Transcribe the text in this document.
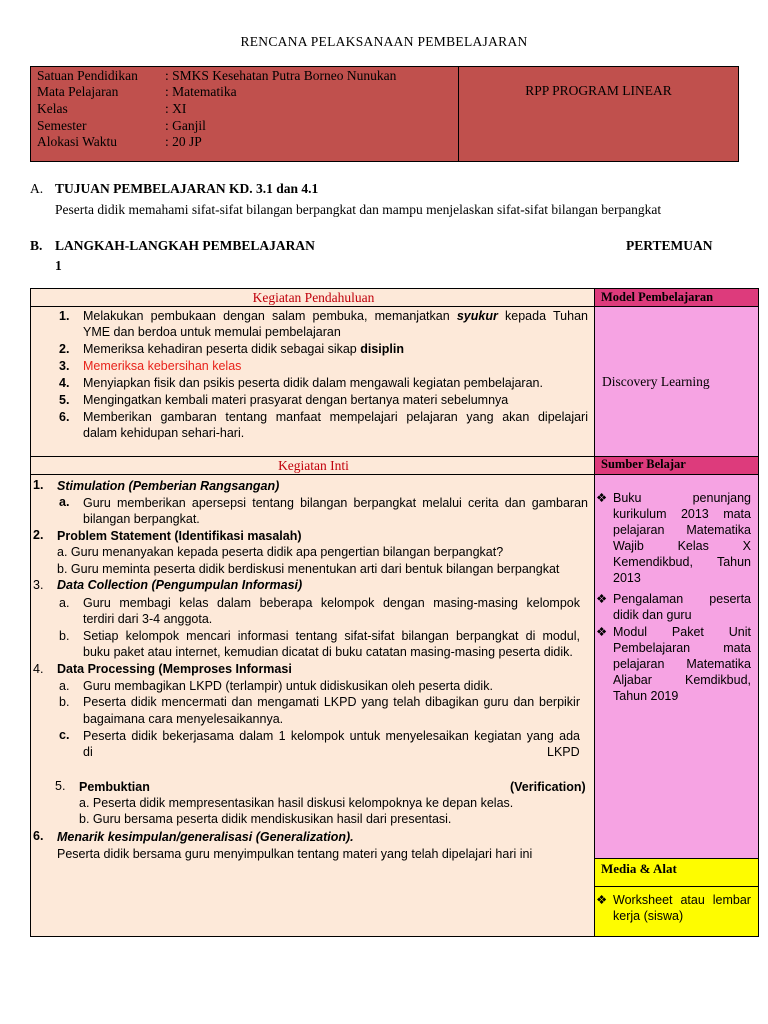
RENCANA PELAKSANAAN PEMBELAJARAN
Satuan Pendidikan : SMKS Kesehatan Putra Borneo Nunukan
Mata Pelajaran	: Matematika
Kelas	: XI
Semester	: Ganjil
Alokasi Waktu	: 20 JP
RPP PROGRAM LINEAR
A. TUJUAN PEMBELAJARAN KD. 3.1 dan 4.1
Peserta didik memahami sifat-sifat bilangan berpangkat dan mampu menjelaskan sifat-sifat bilangan berpangkat
B. LANGKAH-LANGKAH PEMBELAJARAN	PERTEMUAN
1
Kegiatan Pendahuluan	Model Pembelajaran
1. Melakukan pembukaan dengan salam pembuka, memanjatkan syukur kepada Tuhan
YME dan berdoa untuk memulai pembelajaran
2. Memeriksa kehadiran peserta didik sebagai sikap disiplin
3. Memeriksa kebersihan kelas
4. Menyiapkan fisik dan psikis peserta didik dalam mengawali kegiatan pembelajaran.
5. Mengingatkan kembali materi prasyarat dengan bertanya materi sebelumnya
6. Memberikan gambaran tentang manfaat mempelajari pelajaran yang akan dipelajari
dalam kehidupan sehari-hari.
Discovery Learning
Kegiatan Inti	Sumber Belajar
1. Stimulation (Pemberian Rangsangan)
a. Guru memberikan apersepsi tentang bilangan berpangkat melalui cerita dan gambaran
bilangan berpangkat.
2. Problem Statement (Identifikasi masalah)
a. Guru menanyakan kepada peserta didik apa pengertian bilangan berpangkat?
b. Guru meminta peserta didik berdiskusi menentukan arti dari bentuk bilangan berpangkat
3. Data Collection (Pengumpulan Informasi)
a. Guru membagi kelas dalam beberapa kelompok dengan masing-masing kelompok
terdiri dari 3-4 anggota.
b. Setiap kelompok mencari informasi tentang sifat-sifat bilangan berpangkat di modul,
buku paket atau internet, kemudian dicatat di buku catatan masing-masing peserta didik.
4. Data Processing (Memproses Informasi
a. Guru membagikan LKPD (terlampir) untuk didiskusikan oleh peserta didik.
b. Peserta didik mencermati dan mengamati LKPD yang telah dibagikan guru dan berpikir
bagaimana cara menyelesaikannya.
c. Peserta didik bekerjasama dalam 1 kelompok untuk menyelesaikan kegiatan yang ada
di	LKPD
5. Pembuktian	(Verification)
a. Peserta didik mempresentasikan hasil diskusi kelompoknya ke depan kelas.
b. Guru bersama peserta didik mendiskusikan hasil dari presentasi.
6. Menarik kesimpulan/generalisasi (Generalization).
Peserta didik bersama guru menyimpulkan tentang materi yang telah dipelajari hari ini
❖ Buku	penunjang
kurikulum 2013 mata
pelajaran Matematika
Wajib	Kelas	X
Kemendikbud, Tahun
2013
❖ Pengalaman peserta
didik dan guru
❖ Modul Paket Unit
Pembelajaran	mata
pelajaran Matematika
Aljabar	Kemdikbud,
Tahun 2019
Media & Alat
❖ Worksheet atau lembar
kerja (siswa)
